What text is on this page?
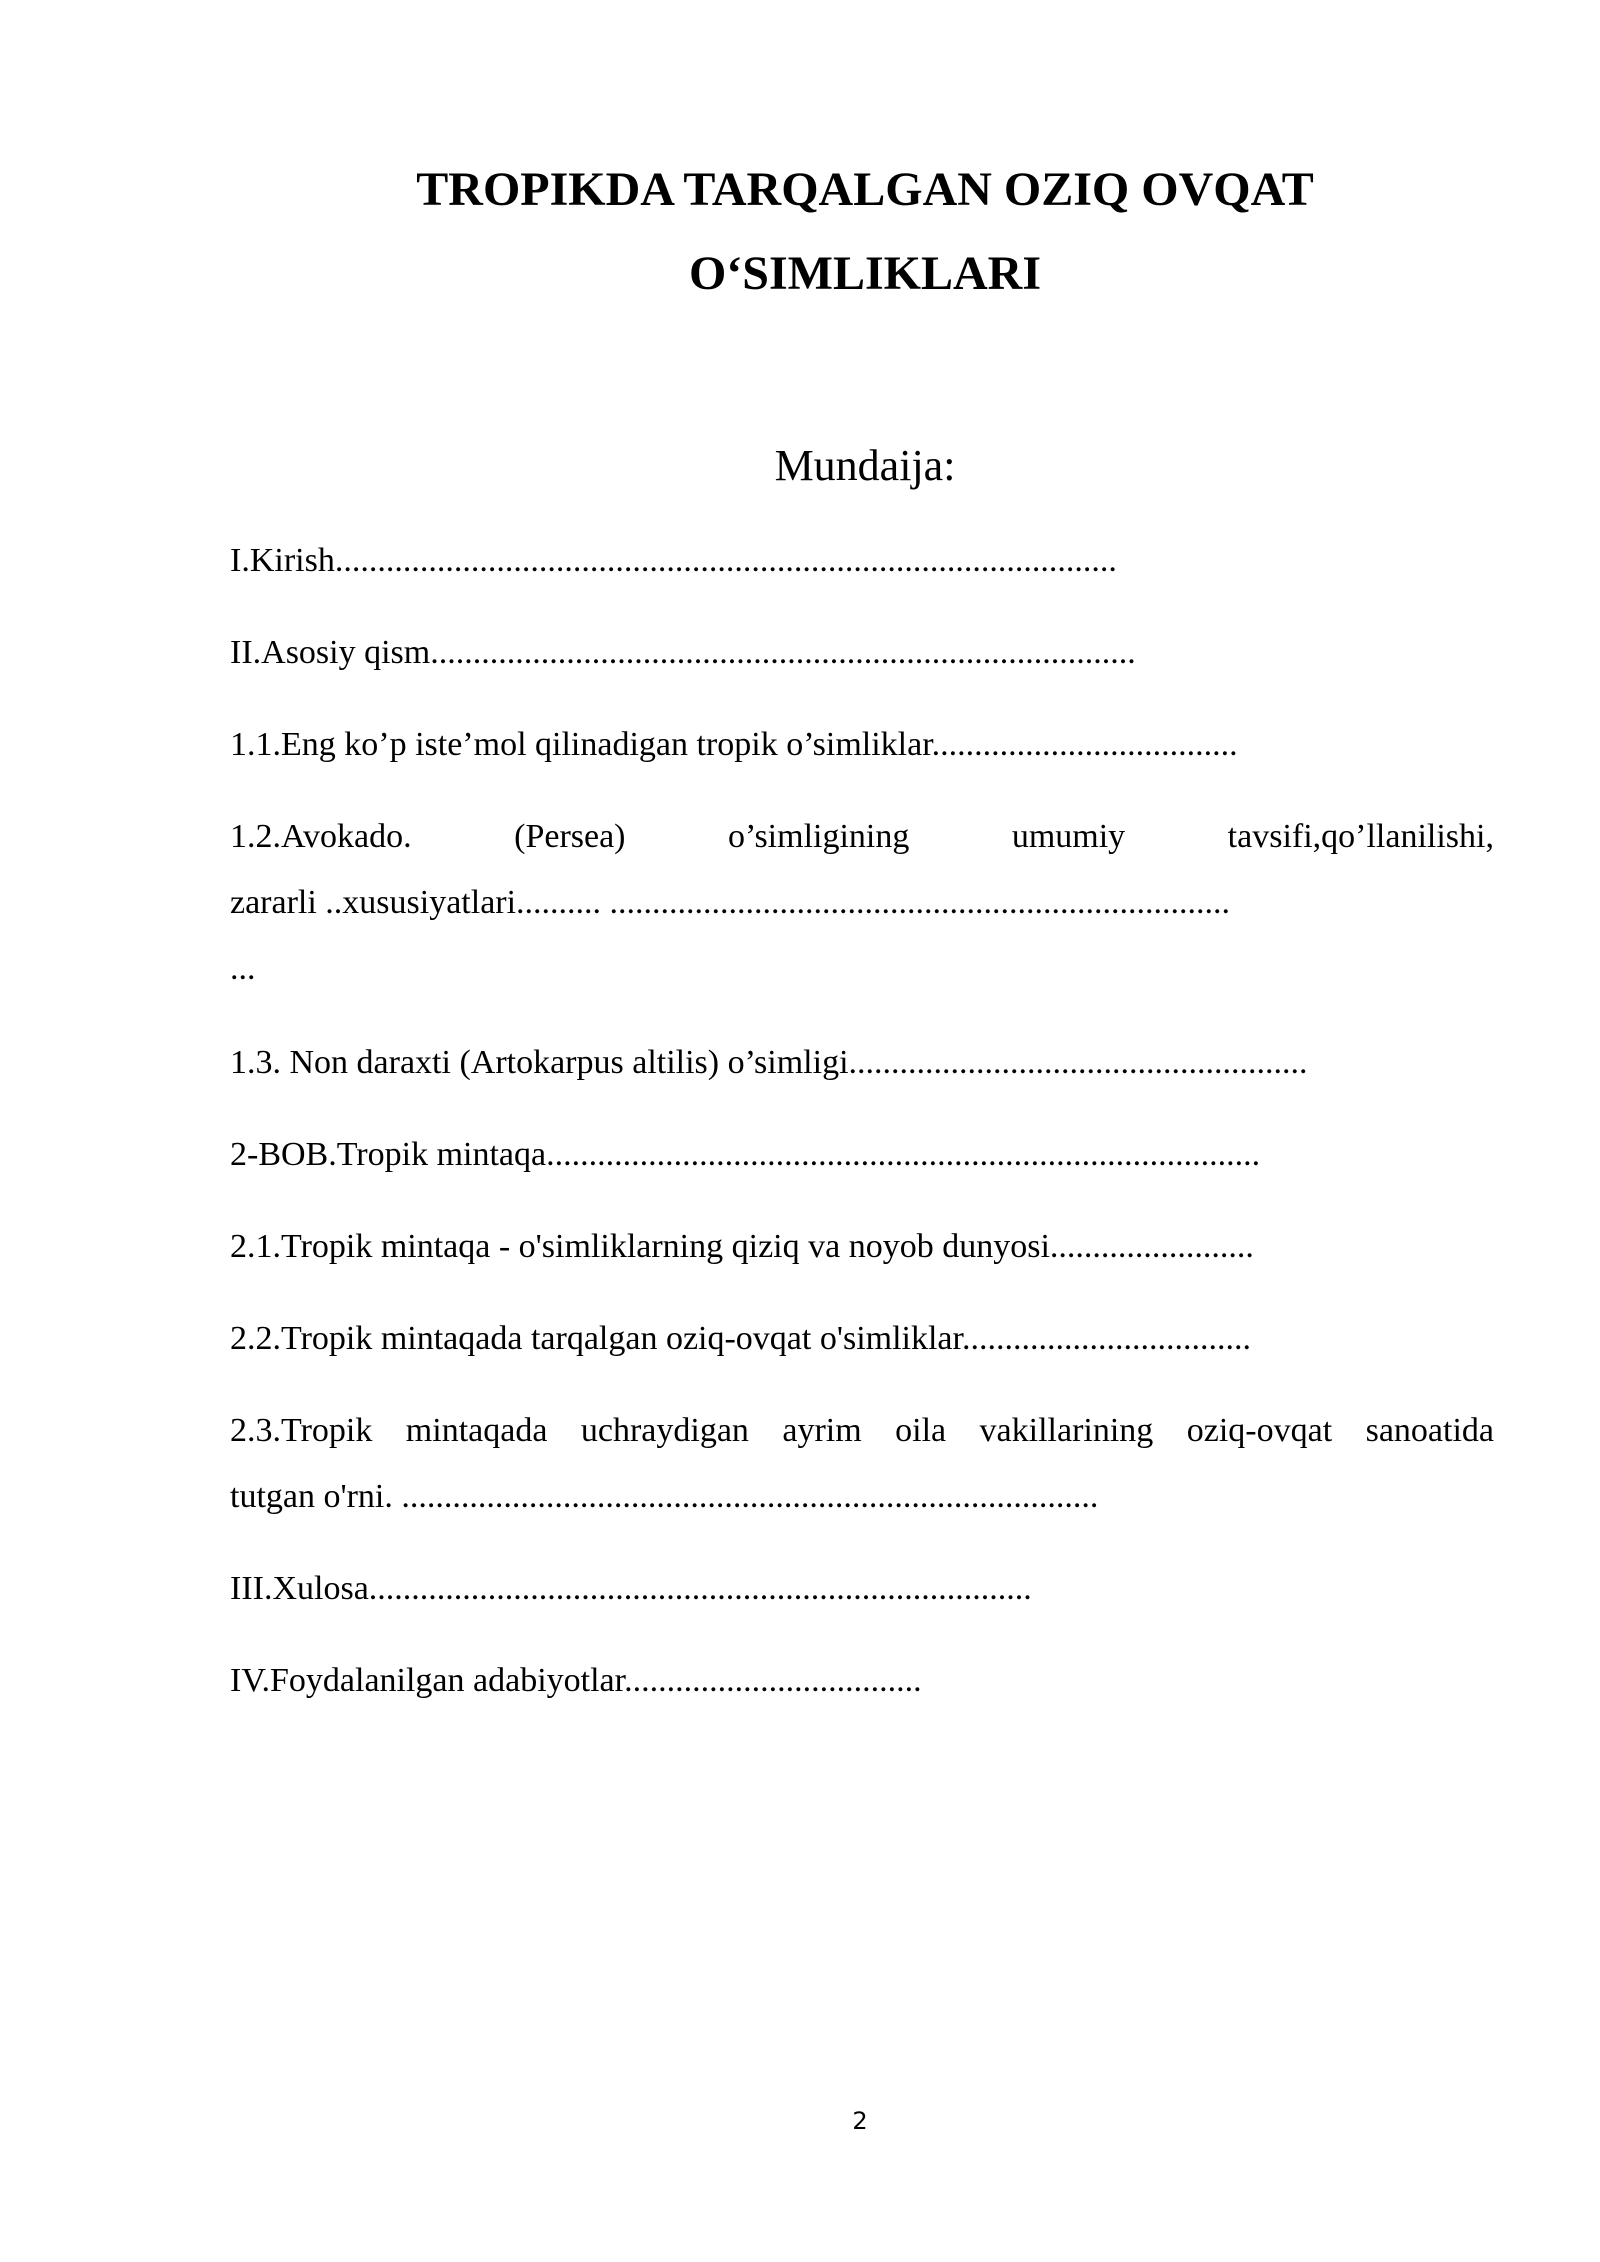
TROPIKDA TARQALGAN OZIQ OVQAT
O‘SIMLIKLARI
Mundaija:
I.Kirish............................................................................................
II.Asosiy qism...................................................................................
1.1.Eng ko’p iste’mol qilinadigan tropik o’simliklar....................................
1.2.Avokado. (Persea) o’simligining umumiy tavsifi,qo’llanilishi,
zararli ..xususiyatlari.......... .........................................................................
...
1.3. Non daraxti (Artokarpus altilis) o’simligi......................................................
2-BOB.Tropik mintaqa....................................................................................
2.1.Tropik mintaqa - o'simliklarning qiziq va noyob dunyosi........................
2.2.Tropik mintaqada tarqalgan oziq-ovqat o'simliklar..................................
2.3.Tropik mintaqada uchraydigan ayrim oila vakillarining oziq-ovqat sanoatida
tutgan o'rni. ..................................................................................
III.Xulosa..............................................................................
IV.Foydalanilgan adabiyotlar...................................
2
